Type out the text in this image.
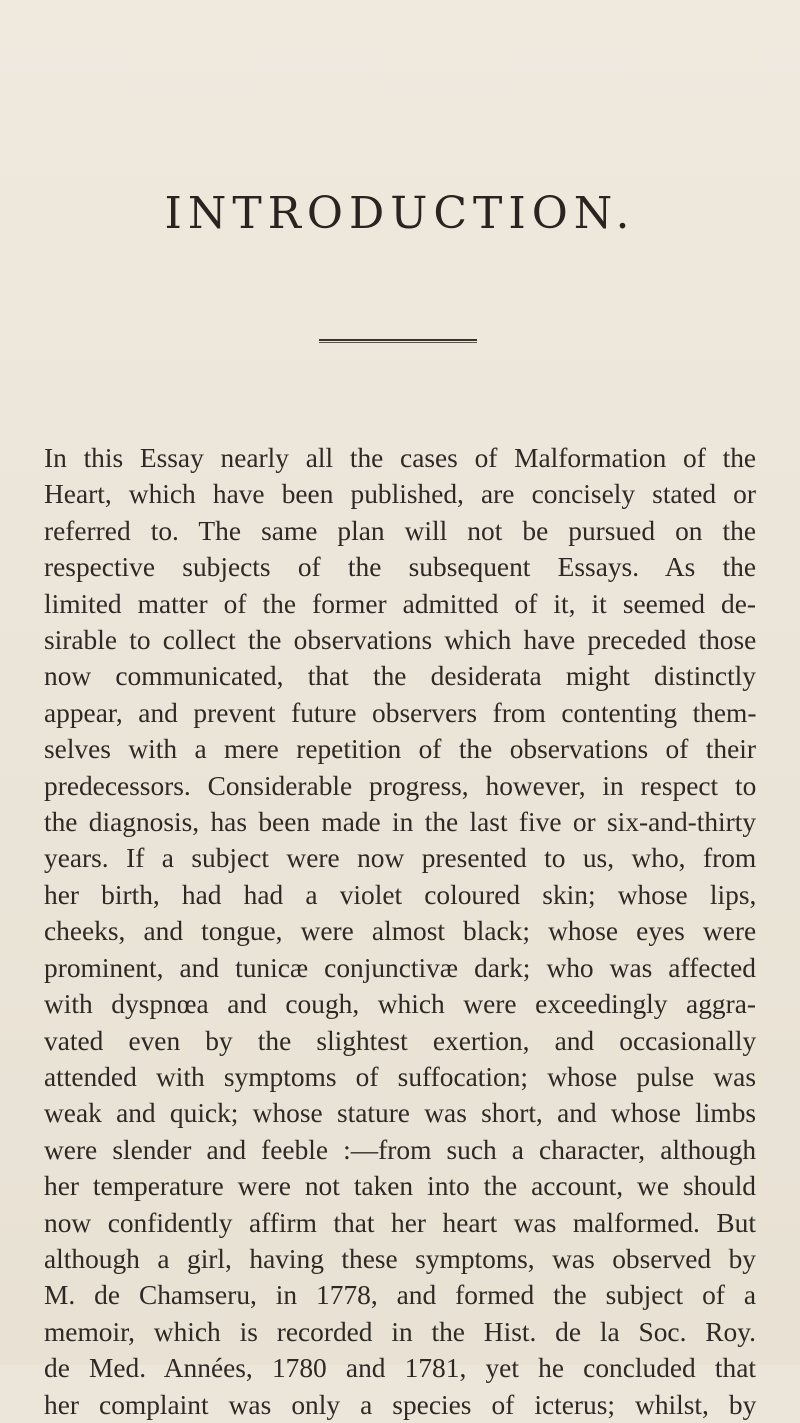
INTRODUCTION.
In this Essay nearly all the cases of Malformation of the
Heart, which have been published, are concisely stated or
referred to. The same plan will not be pursued on the
respective subjects of the subsequent Essays. As the
limited matter of the former admitted of it, it seemed de-
sirable to collect the observations which have preceded those
now communicated, that the desiderata might distinctly
appear, and prevent future observers from contenting them-
selves with a mere repetition of the observations of their
predecessors. Considerable progress, however, in respect to
the diagnosis, has been made in the last five or six-and-thirty
years. If a subject were now presented to us, who, from
her birth, had had a violet coloured skin; whose lips,
cheeks, and tongue, were almost black; whose eyes were
prominent, and tunicæ conjunctivæ dark; who was affected
with dyspnœa and cough, which were exceedingly aggra-
vated even by the slightest exertion, and occasionally
attended with symptoms of suffocation; whose pulse was
weak and quick; whose stature was short, and whose limbs
were slender and feeble :—from such a character, although
her temperature were not taken into the account, we should
now confidently affirm that her heart was malformed. But
although a girl, having these symptoms, was observed by
M. de Chamseru, in 1778, and formed the subject of a
memoir, which is recorded in the Hist. de la Soc. Roy.
de Med. Années, 1780 and 1781, yet he concluded that
her complaint was only a species of icterus; whilst, by
